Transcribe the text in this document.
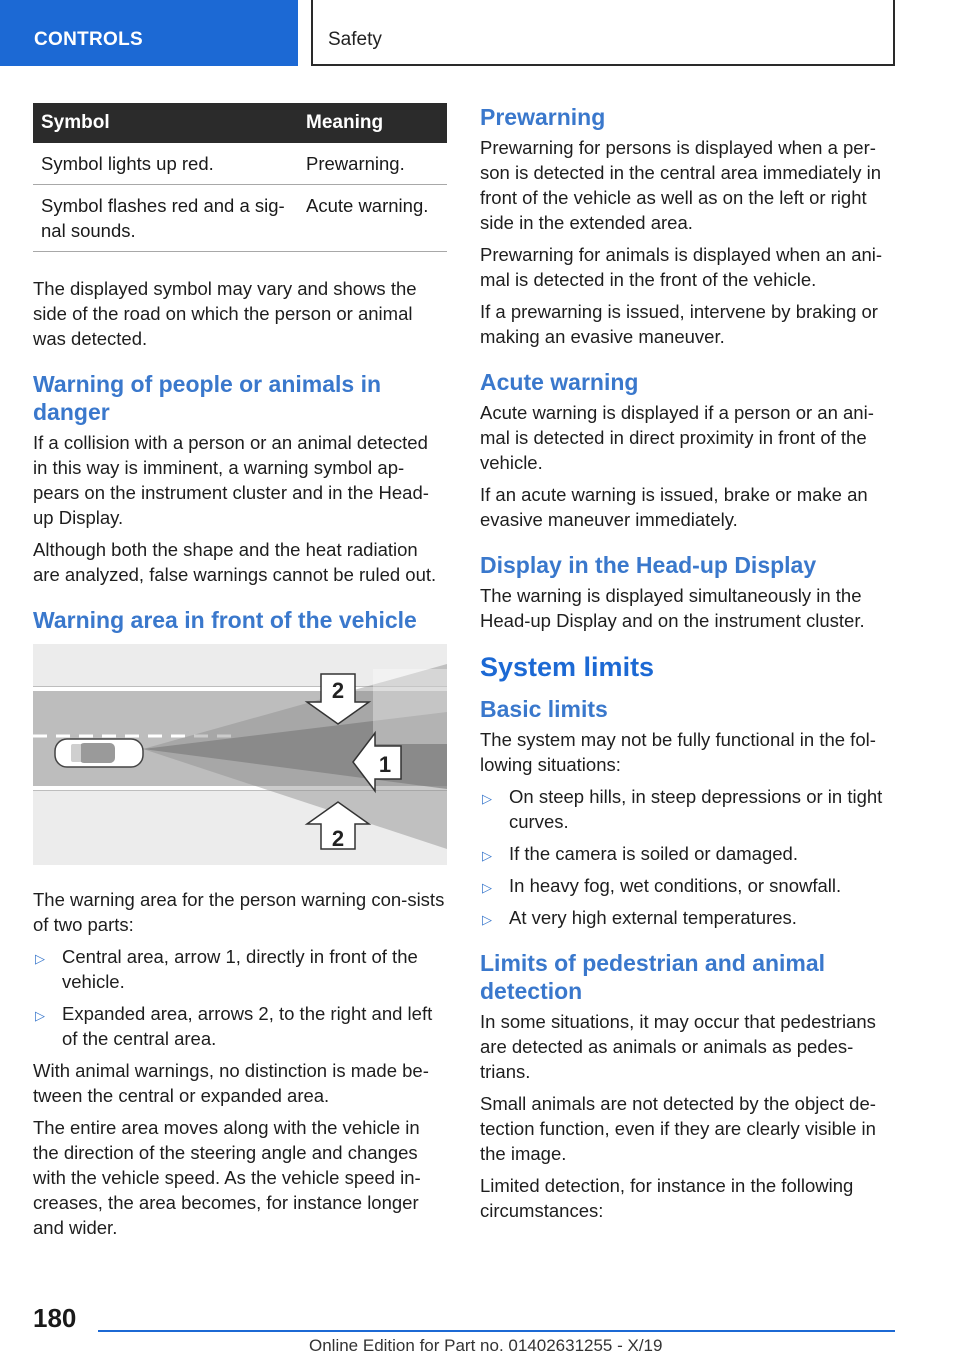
CONTROLS	Safety
Symbol	Meaning
Symbol lights up red.	Prewarning.
Symbol flashes red and a sig-
nal sounds.	Acute warning.

The displayed symbol may vary and shows the side of the road on which the person or animal was detected.

Warning of people or animals in danger

If a collision with a person or an animal detected in this way is imminent, a warning symbol ap-pears on the instrument cluster and in the Head-up Display.

Although both the shape and the heat radiation are analyzed, false warnings cannot be ruled out.

Warning area in front of the vehicle
2
1
2

The warning area for the person warning con-sists of two parts:

▷ Central area, arrow 1, directly in front of the vehicle.
▷ Expanded area, arrows 2, to the right and left of the central area.

With animal warnings, no distinction is made be-tween the central or expanded area.

The entire area moves along with the vehicle in the direction of the steering angle and changes with the vehicle speed. As the vehicle speed in-creases, the area becomes, for instance longer and wider.

Prewarning

Prewarning for persons is displayed when a per-son is detected in the central area immediately in front of the vehicle as well as on the left or right side in the extended area.

Prewarning for animals is displayed when an ani-mal is detected in the front of the vehicle.

If a prewarning is issued, intervene by braking or making an evasive maneuver.

Acute warning

Acute warning is displayed if a person or an ani-mal is detected in direct proximity in front of the vehicle.

If an acute warning is issued, brake or make an evasive maneuver immediately.

Display in the Head-up Display

The warning is displayed simultaneously in the Head-up Display and on the instrument cluster.

System limits
Basic limits

The system may not be fully functional in the fol-lowing situations:

▷ On steep hills, in steep depressions or in tight curves.
▷ If the camera is soiled or damaged.
▷ In heavy fog, wet conditions, or snowfall.
▷ At very high external temperatures.
Limits of pedestrian and animal detection

In some situations, it may occur that pedestrians are detected as animals or animals as pedes-trians.

Small animals are not detected by the object de-tection function, even if they are clearly visible in the image.

Limited detection, for instance in the following circumstances:

180
Online Edition for Part no. 01402631255 - X/19
